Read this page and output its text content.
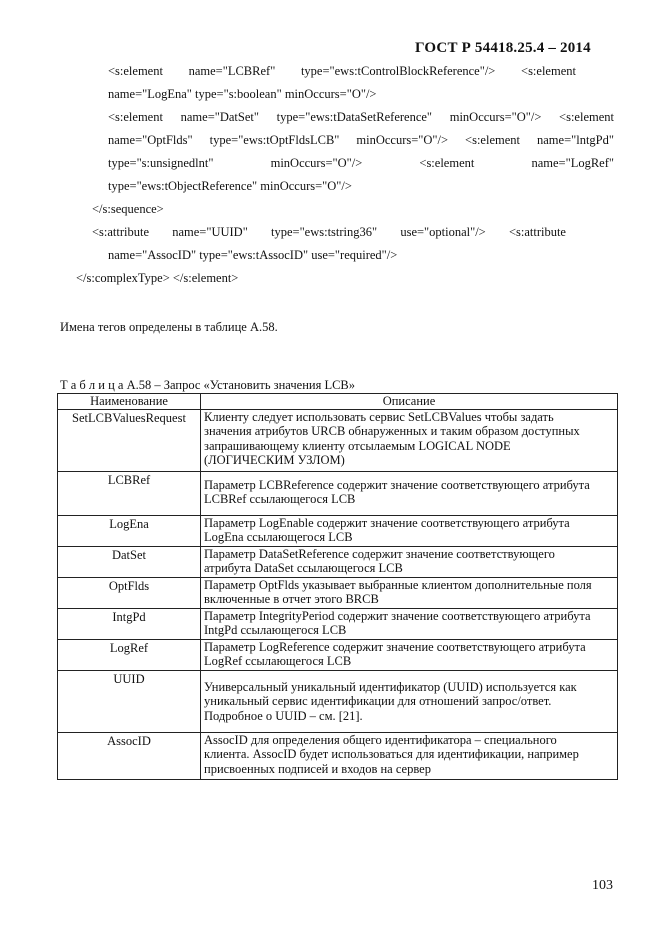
ГОСТ Р 54418.25.4 – 2014
<s:element name="LCBRef" type="ews:tControlBlockReference"/> <s:element
name="LogEna" type="s:boolean" minOccurs="O"/>
<s:element name="DatSet" type="ews:tDataSetReference" minOccurs="O"/> <s:element
name="OptFlds" type="ews:tOptFldsLCB" minOccurs="O"/> <s:element name="lntgPd"
type="s:unsignedlnt"	minOccurs="O"/>	<s:element	name="LogRef"
type="ews:tObjectReference" minOccurs="O"/>
</s:sequence>
<s:attribute name="UUID" type="ews:tstring36" use="optional"/> <s:attribute
name="AssocID" type="ews:tAssocID" use="required"/>
</s:complexType> </s:element>
Имена тегов определены в таблице А.58.
Т а б л и ц а А.58 – Запрос «Установить значения LCB»
Наименование	Описание
SetLCBValuesRequest	Клиенту следует использовать сервис SetLCBValues чтобы задать
значения атрибутов URCB обнаруженных и таким образом доступных
запрашивающему клиенту отсылаемым LOGICAL NODE
(ЛОГИЧЕСКИМ УЗЛОМ)

LCBRef	Параметр LCBReference содержит значение соответствующего атрибута
LCBRef ссылающегося LCB

LogEna	Параметр LogEnable содержит значение соответствующего атрибута
LogEna ссылающегося LCB

DatSet	Параметр DataSetReference содержит значение соответствующего
атрибута DataSet ссылающегося LCB

OptFlds	Параметр OptFlds указывает выбранные клиентом дополнительные поля
включенные в отчет этого BRCB

IntgPd	Параметр IntegrityPeriod содержит значение соответствующего атрибута
IntgPd ссылающегося LCB

LogRef	Параметр LogReference содержит значение соответствующего атрибута
LogRef ссылающегося LCB

UUID	Универсальный уникальный идентификатор (UUID) используется как
уникальный сервис идентификации для отношений запрос/ответ.
Подробное о UUID – см. [21].

AssocID	AssocID для определения общего идентификатора – специального
клиента. AssocID будет использоваться для идентификации, например
присвоенных подписей и входов на сервер
103
